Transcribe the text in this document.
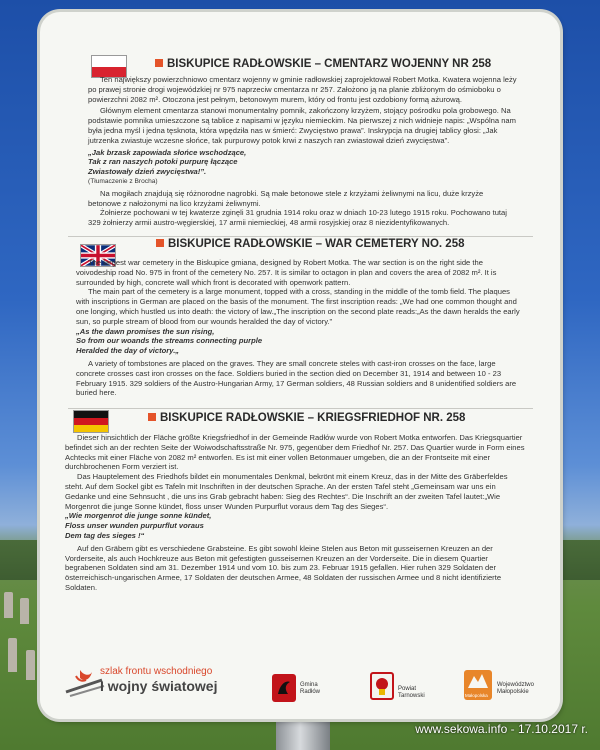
BISKUPICE RADŁOWSKIE – CMENTARZ WOJENNY NR 258

Ten największy powierzchniowo cmentarz wojenny w gminie radłowskiej zaprojektował Robert Motka. Kwatera wojenna leży po prawej stronie drogi wojewódzkiej nr 975 naprzeciw cmentarza nr 257. Założono ją na planie zbliżonym do ośmioboku o powierzchni 2082 m². Otoczona jest pełnym, betonowym murem, który od frontu jest ozdobiony formą ażurową.

Głównym element cmentarza stanowi monumentalny pomnik, zakończony krzyżem, stojący pośrodku pola grobowego. Na podstawie pomnika umieszczone są tablice z napisami w języku niemieckim. Na pierwszej z nich widnieje napis: „Wspólna nam była jedna myśl i jedna tęsknota, która wpędziła nas w śmierć: Zwycięstwo prawa”. Inskrypcja na drugiej tablicy głosi: „Jak jutrzenka zwiastuje wczesne słońce, tak purpurowy potok krwi z naszych ran zwiastował dzień zwycięstwa”.

„Jak brzask zapowiada słońce wschodzące,
Tak z ran naszych potoki purpurę łączące
Zwiastowały dzień zwycięstwa!”.
(Tłumaczenie z Brocha)

Na mogiłach znajdują się różnorodne nagrobki. Są małe betonowe stele z krzyżami żeliwnymi na licu, duże krzyże betonowe z nałożonymi na lico krzyżami żeliwnymi.

Żołnierze pochowani w tej kwaterze zginęli 31 grudnia 1914 roku oraz w dniach 10-23 lutego 1915 roku. Pochowano tutaj 329 żołnierzy armii austro-węgierskiej, 17 armii niemieckiej, 48 armii rosyjskiej oraz 8 niezidentyfikowanych.

BISKUPICE RADŁOWSKIE – WAR CEMETERY NO. 258

The largest war cemetery in the Biskupice gmiana, designed by Robert Motka. The war section is on the right side the voivodeship road No. 975 in front of the cemetery No. 257. It is similar to octagon in plan and covers the area of 2082 m². It is surrounded by high, concrete wall which front is decorated with openwork pattern.

The main part of the cemetery is a large monument, topped with a cross, standing in the middle of the tomb field. The plaques with inscriptions in German are placed on the basis of the monument. The first inscription reads: „We had one common thought and one longing, which hustled us into death: the victory of law.„The inscription on the second plate reads:„As the dawn heralds the early sun, so purple stream of blood from our wounds heralded the day of victory.”

„As the dawn promises the sun rising,
So from our woands the streams connecting purple
Heralded the day of victory.„

A variety of tombstones are placed on the graves. They are small concrete steles with cast-iron crosses on the face, large concrete crosses cast iron crosses on the face. Soldiers buried in the section died on December 31, 1914 and between 10 - 23 February 1915. 329 soldiers of the Austro-Hungarian Army, 17 German soldiers, 48 Russian soldiers and 8 unidentified soldiers are buried here.

BISKUPICE RADŁOWSKIE – KRIEGSFRIEDHOF NR. 258

Dieser hinsichtlich der Fläche größte Kriegsfriedhof in der Gemeinde Radłów wurde von Robert Motka entworfen. Das Kriegsquartier befindet sich an der rechten Seite der Woiwodschaftsstraße Nr. 975, gegenüber dem Friedhof Nr. 257. Das Quartier wurde in Form eines Achtecks mit einer Fläche von 2082 m² entworfen. Es ist mit einer vollen Betonmauer umgeben, die an der Frontseite mit einer durchbrochenen Form verziert ist.

Das Hauptelement des Friedhofs bildet ein monumentales Denkmal, bekrönt mit einem Kreuz, das in der Mitte des Gräberfeldes steht. Auf dem Sockel gibt es Tafeln mit Inschriften in der deutschen Sprache. An der ersten Tafel steht „Gemeinsam war uns ein Gedanke und eine Sehnsucht , die uns ins Grab gebracht haben: Sieg des Rechtes“. Die Inschrift an der zweiten Tafel lautet:„Wie Morgenrot die junge Sonne kündet, floss unser Wunden Purpurflut voraus dem Tag des Sieges“.

„Wie morgenrot die junge sonne kündet,
Floss unser wunden purpurflut voraus
Dem tag des sieges !“

Auf den Gräbern gibt es verschiedene Grabsteine. Es gibt sowohl kleine Stelen aus Beton mit gusseisernen Kreuzen an der Vorderseite, als auch Hochkreuze aus Beton mit gefestigten gusseisernen Kreuzen an der Vorderseite. Die in diesem Quartier begrabenen Soldaten sind am 31. Dezember 1914 und vom 10. bis zum 23. Februar 1915 gefallen. Hier ruhen 329 Soldaten der österreichisch-ungarischen Armee, 17 Soldaten der deutschen Armee, 48 Soldaten der russischen Armee und 8 nicht identifizierte Soldaten.

szlak frontu wschodniego
I wojny światowej	Gmina
Radłów	Powiat
Tarnowski	Małopolska
Województwo
Małopolskie
www.sekowa.info - 17.10.2017 r.
